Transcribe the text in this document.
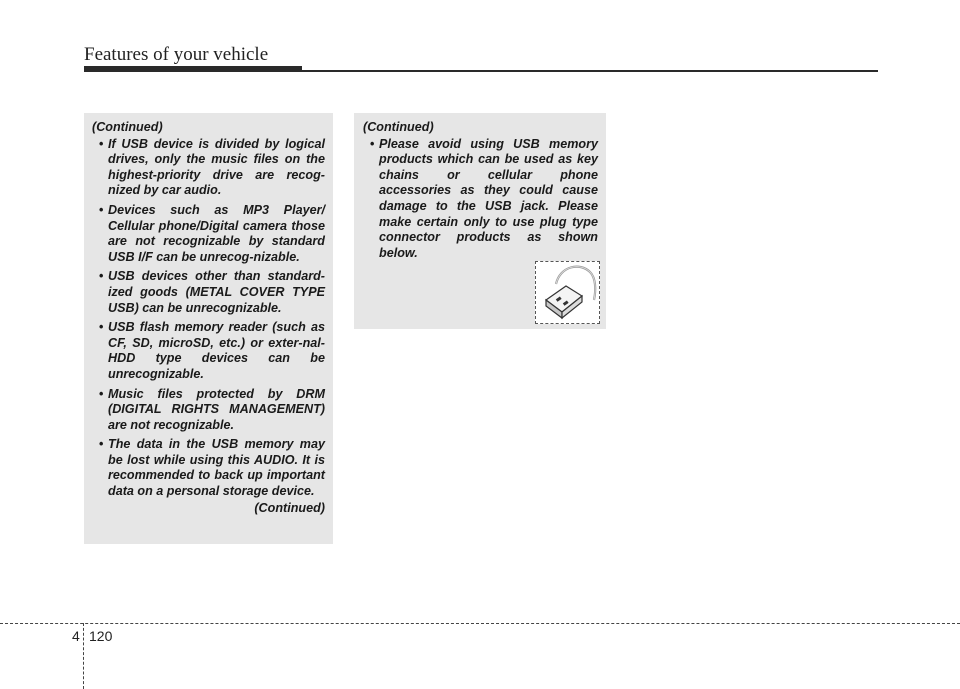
Features of your vehicle
(Continued)
• If USB device is divided by logical drives, only the music files on the highest-priority drive are recog-nized by car audio.
• Devices such as MP3 Player/ Cellular phone/Digital camera those are not recognizable by standard USB I/F can be unrecog-nizable.
• USB devices other than standard-ized goods (METAL COVER TYPE USB) can be unrecognizable.
• USB flash memory reader (such as CF, SD, microSD, etc.) or exter-nal-HDD type devices can be unrecognizable.
• Music files protected by DRM (DIGITAL RIGHTS MANAGEMENT) are not recognizable.
• The data in the USB memory may be lost while using this AUDIO. It is recommended to back up important data on a personal storage device.
(Continued)
(Continued)
• Please avoid using USB memory products which can be used as key chains or cellular phone accessories as they could cause damage to the USB jack. Please make certain only to use plug type connector products as shown below.
4 120
